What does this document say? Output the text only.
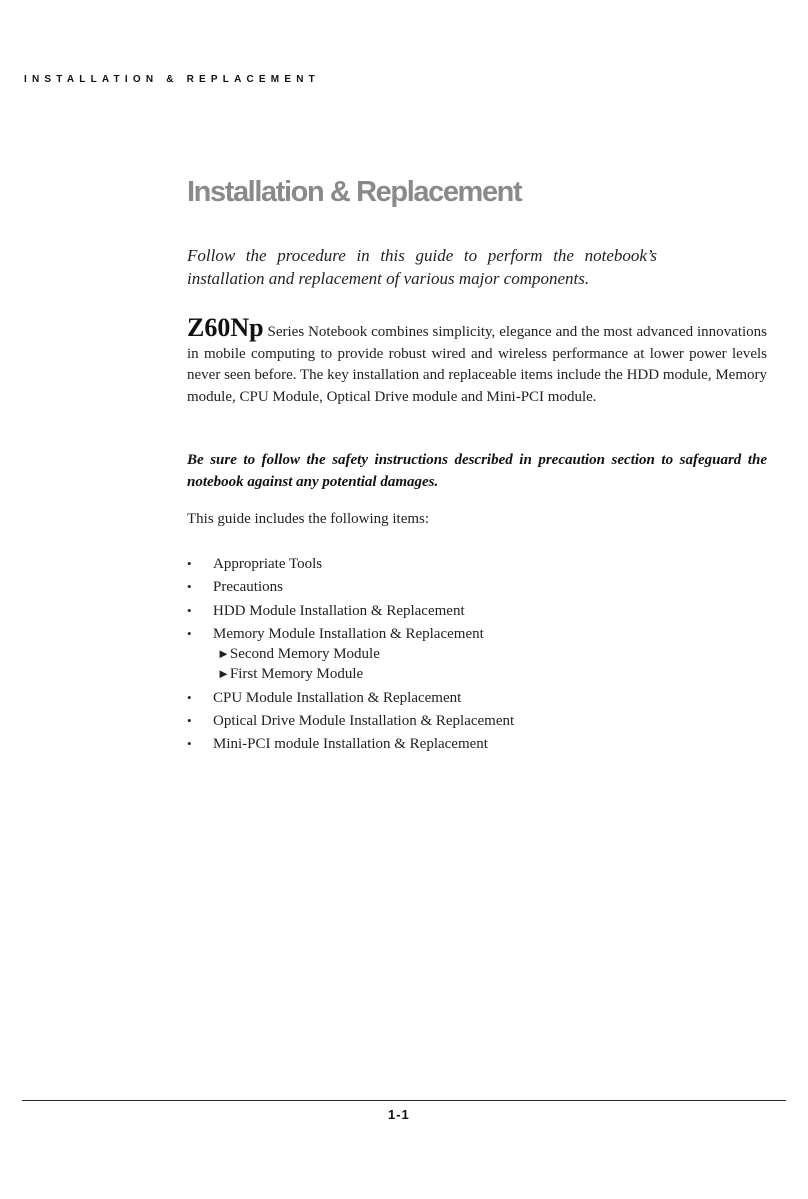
INSTALLATION & REPLACEMENT
Installation & Replacement

Follow the procedure in this guide to perform the notebook’s installation and replacement of various major components.

Z60Np Series Notebook combines simplicity, elegance and the most advanced innovations in mobile computing to provide robust wired and wireless performance at lower power levels never seen before. The key installation and replaceable items include the HDD module, Memory module, CPU Module, Optical Drive module and Mini-PCI module.

Be sure to follow the safety instructions described in precaution section to safeguard the notebook against any potential damages.

This guide includes the following items:

• Appropriate Tools
• Precautions
• HDD Module Installation & Replacement
• Memory Module Installation & Replacement
►Second Memory Module
►First Memory Module
• CPU Module Installation & Replacement
• Optical Drive Module Installation & Replacement
• Mini-PCI module Installation & Replacement
1-1
